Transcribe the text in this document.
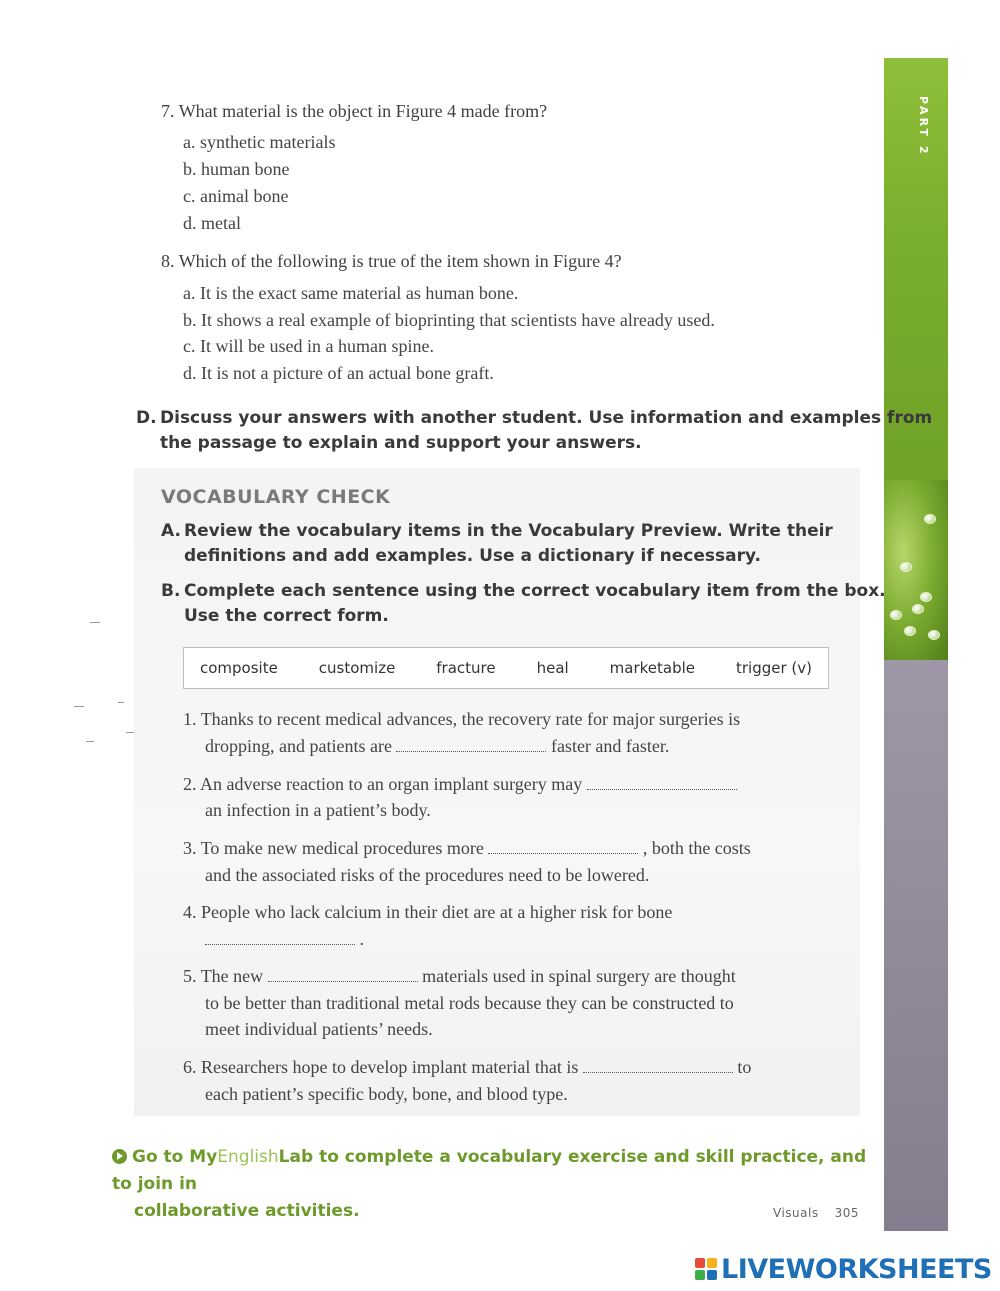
PART 2
7. What material is the object in Figure 4 made from?
a. synthetic materials
b. human bone
c. animal bone
d. metal
8. Which of the following is true of the item shown in Figure 4?
a. It is the exact same material as human bone.
b. It shows a real example of bioprinting that scientists have already used.
c. It will be used in a human spine.
d. It is not a picture of an actual bone graft.
D. Discuss your answers with another student. Use information and examples from
the passage to explain and support your answers.
VOCABULARY CHECK
A. Review the vocabulary items in the Vocabulary Preview. Write their
definitions and add examples. Use a dictionary if necessary.
B. Complete each sentence using the correct vocabulary item from the box.
Use the correct form.
composite	customize	fracture	heal	marketable	trigger (v)
1. Thanks to recent medical advances, the recovery rate for major surgeries is
dropping, and patients are	faster and faster.
2. An adverse reaction to an organ implant surgery may
an infection in a patient’s body.
3. To make new medical procedures more	, both the costs
and the associated risks of the procedures need to be lowered.
4. People who lack calcium in their diet are at a higher risk for bone
.
5. The new	materials used in spinal surgery are thought
to be better than traditional metal rods because they can be constructed to
meet individual patients’ needs.
6. Researchers hope to develop implant material that is	to
each patient’s specific body, bone, and blood type.
Go to MyEnglishLab to complete a vocabulary exercise and skill practice, and to join in
collaborative activities.	Visuals 305
LIVEWORKSHEETS
